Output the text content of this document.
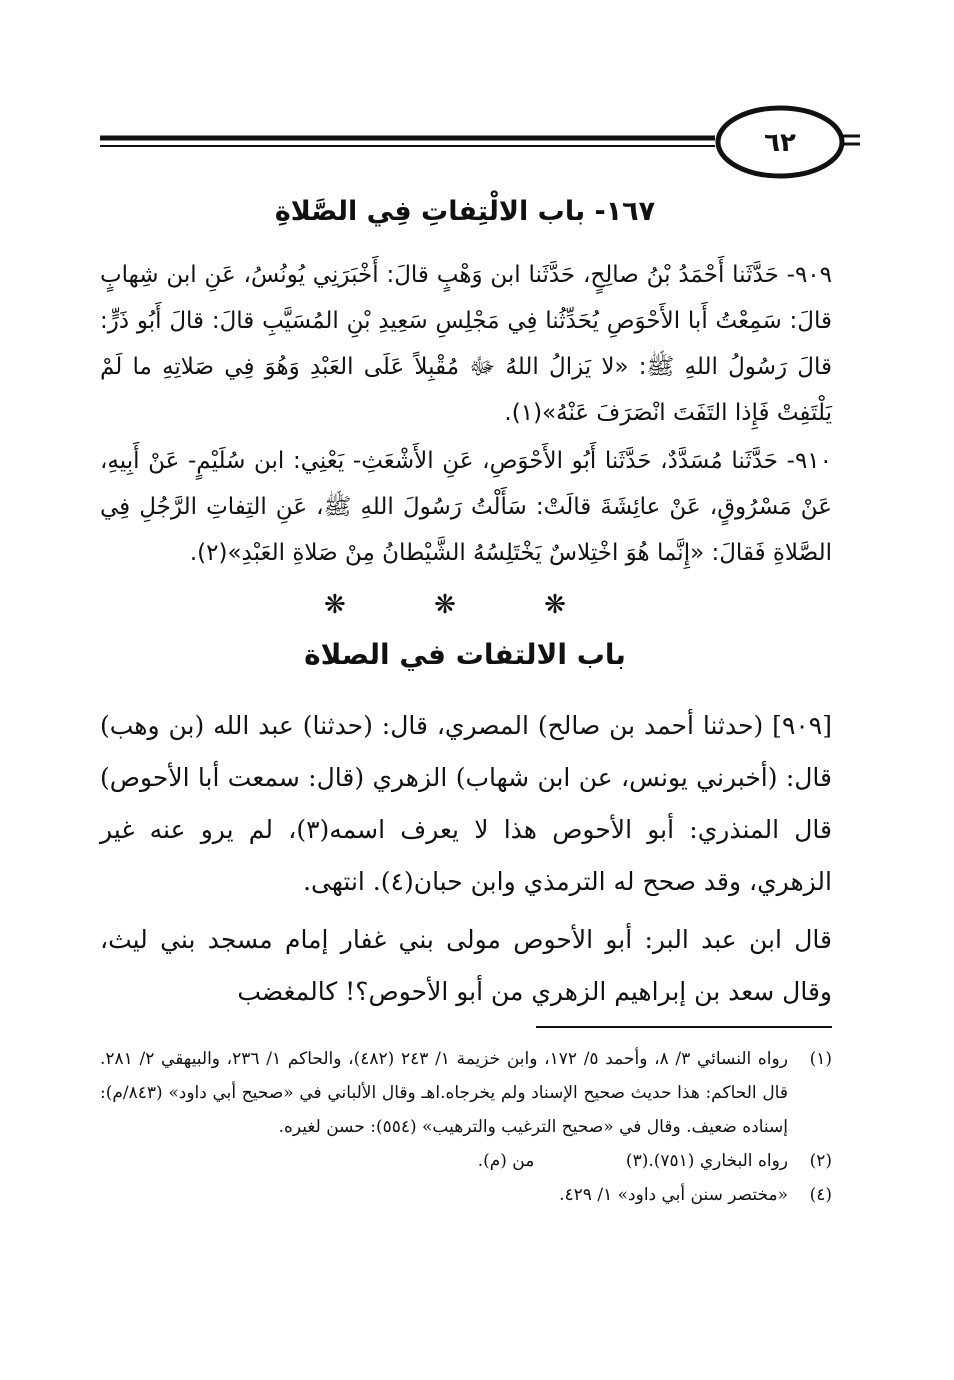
٦٢
١٦٧- باب الالْتِفاتِ فِي الصَّلاةِ
٩٠٩- حَدَّثَنا أَحْمَدُ بْنُ صالِحٍ، حَدَّثَنا ابن وَهْبٍ قالَ: أَخْبَرَنِي يُونُسُ، عَنِ ابن شِهابٍ قالَ: سَمِعْتُ أَبا الأَحْوَصِ يُحَدِّثُنا فِي مَجْلِسِ سَعِيدِ بْنِ المُسَيَّبِ قالَ: قالَ أَبُو ذَرٍّ: قالَ رَسُولُ اللهِ ﷺ: «لا يَزالُ اللهُ ﷻ مُقْبِلاً عَلَى العَبْدِ وَهُوَ فِي صَلاتِهِ ما لَمْ يَلْتَفِتْ فَإِذا التَفَتَ انْصَرَفَ عَنْهُ»(١).
٩١٠- حَدَّثَنا مُسَدَّدٌ، حَدَّثَنا أَبُو الأَحْوَصِ، عَنِ الأَشْعَثِ- يَعْنِي: ابن سُلَيْمٍ- عَنْ أَبِيهِ، عَنْ مَسْرُوقٍ، عَنْ عائِشَةَ قالَتْ: سَأَلْتُ رَسُولَ اللهِ ﷺ، عَنِ التِفاتِ الرَّجُلِ فِي الصَّلاةِ فَقالَ: «إِنَّما هُوَ اخْتِلاسٌ يَخْتَلِسُهُ الشَّيْطانُ مِنْ صَلاةِ العَبْدِ»(٢).
❋ ❋ ❋
باب الالتفات في الصلاة
[٩٠٩] (حدثنا أحمد بن صالح) المصري، قال: (حدثنا) عبد الله (بن وهب) قال: (أخبرني يونس، عن ابن شهاب) الزهري (قال: سمعت أبا الأحوص) قال المنذري: أبو الأحوص هذا لا يعرف اسمه(٣)، لم يرو عنه غير الزهري، وقد صحح له الترمذي وابن حبان(٤). انتهى.
قال ابن عبد البر: أبو الأحوص مولى بني غفار إمام مسجد بني ليث، وقال سعد بن إبراهيم الزهري من أبو الأحوص؟! كالمغضب
(١)
رواه النسائي ٣/ ٨، وأحمد ٥/ ١٧٢، وابن خزيمة ١/ ٢٤٣ (٤٨٢)، والحاكم ١/ ٢٣٦، والبيهقي ٢/ ٢٨١. قال الحاكم: هذا حديث صحيح الإسناد ولم يخرجاه.اهـ وقال الألباني في «صحيح أبي داود» (٨٤٣/م): إسناده ضعيف. وقال في «صحيح الترغيب والترهيب» (٥٥٤): حسن لغيره.
(٢)
رواه البخاري (٧٥١).
(٣)
من (م).
(٤)
«مختصر سنن أبي داود» ١/ ٤٢٩.
